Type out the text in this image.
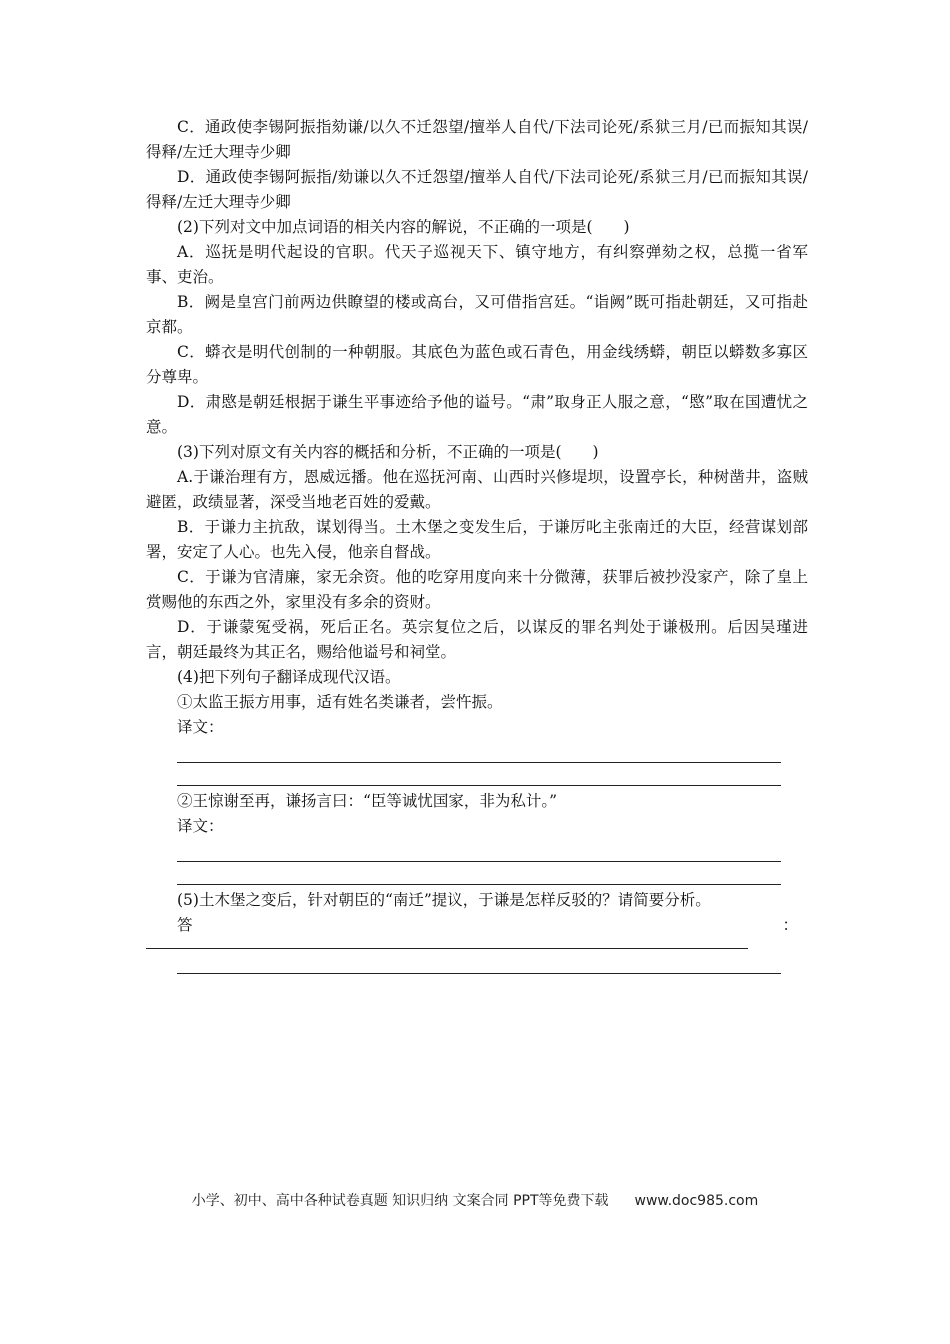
C．通政使李锡阿振指劾谦/以久不迁怨望/擅举人自代/下法司论死/系狱三月/已而振知其误/得释/左迁大理寺少卿

D．通政使李锡阿振指/劾谦以久不迁怨望/擅举人自代/下法司论死/系狱三月/已而振知其误/得释/左迁大理寺少卿

(2)下列对文中加点词语的相关内容的解说，不正确的一项是(　　)

A．巡抚是明代起设的官职。代天子巡视天下、镇守地方，有纠察弹劾之权，总揽一省军事、吏治。

B．阙是皇宫门前两边供瞭望的楼或高台，又可借指宫廷。“诣阙”既可指赴朝廷，又可指赴京都。

C．蟒衣是明代创制的一种朝服。其底色为蓝色或石青色，用金线绣蟒，朝臣以蟒数多寡区分尊卑。

D．肃愍是朝廷根据于谦生平事迹给予他的谥号。“肃”取身正人服之意，“愍”取在国遭忧之意。

(3)下列对原文有关内容的概括和分析，不正确的一项是(　　)

A.于谦治理有方，恩威远播。他在巡抚河南、山西时兴修堤坝，设置亭长，种树凿井，盗贼避匿，政绩显著，深受当地老百姓的爱戴。

B．于谦力主抗敌，谋划得当。土木堡之变发生后，于谦厉叱主张南迁的大臣，经营谋划部署，安定了人心。也先入侵，他亲自督战。

C．于谦为官清廉，家无余资。他的吃穿用度向来十分微薄，获罪后被抄没家产，除了皇上赏赐他的东西之外，家里没有多余的资财。

D．于谦蒙冤受祸，死后正名。英宗复位之后，以谋反的罪名判处于谦极刑。后因吴瑾进言，朝廷最终为其正名，赐给他谥号和祠堂。

(4)把下列句子翻译成现代汉语。

①太监王振方用事，适有姓名类谦者，尝忤振。

译文：

②王惊谢至再，谦扬言曰：“臣等诚忧国家，非为私计。”

译文：

(5)土木堡之变后，针对朝臣的“南迁”提议，于谦是怎样反驳的？请简要分析。

答	：
小学、初中、高中各种试卷真题 知识归纳 文案合同 PPT等免费下载 www.doc985.com
